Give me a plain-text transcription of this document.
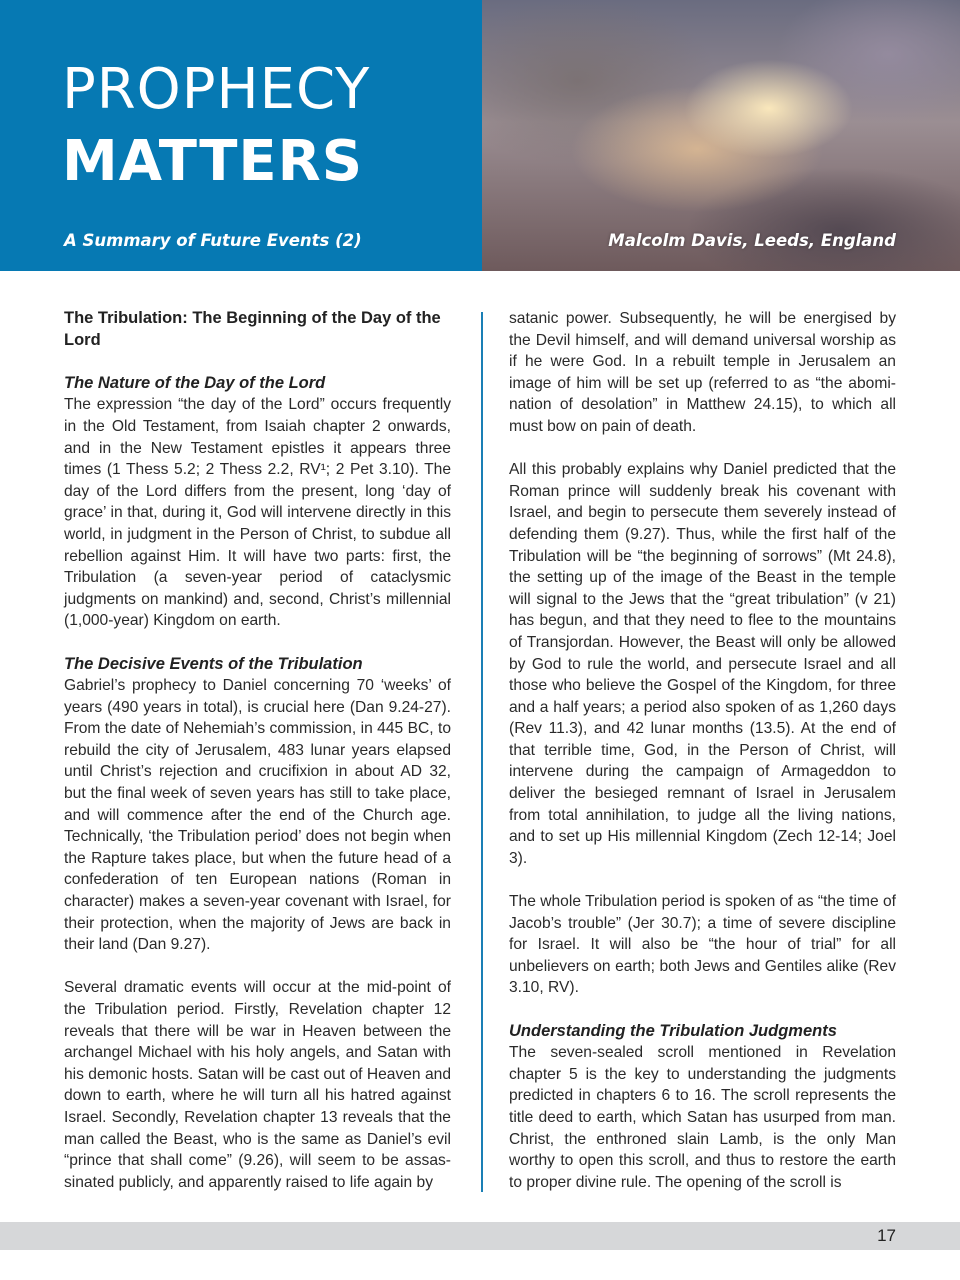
PROPHECY
MATTERS
A Summary of Future Events (2)	Malcolm Davis, Leeds, England
The Tribulation: The Beginning of the Day of the Lord
The Nature of the Day of the Lord

The expression “the day of the Lord” occurs frequently in the Old Testament, from Isaiah chapter 2 onwards, and in the New Testament epistles it appears three times (1 Thess 5.2; 2 Thess 2.2, RV¹; 2 Pet 3.10). The day of the Lord differs from the present, long ‘day of grace’ in that, during it, God will intervene directly in this world, in judgment in the Person of Christ, to subdue all rebellion against Him. It will have two parts: first, the Tribulation (a seven-year period of cataclysmic judgments on mankind) and, second, Christ’s millennial (1,000-year) Kingdom on earth.

The Decisive Events of the Tribulation

Gabriel’s prophecy to Daniel concerning 70 ‘weeks’ of years (490 years in total), is crucial here (Dan 9.24-27). From the date of Nehemiah’s commission, in 445 BC, to rebuild the city of Jerusalem, 483 lunar years elapsed until Christ’s rejection and crucifixion in about AD 32, but the final week of seven years has still to take place, and will commence after the end of the Church age. Technically, ‘the Tribulation period’ does not begin when the Rapture takes place, but when the future head of a confederation of ten European nations (Roman in character) makes a seven-year covenant with Israel, for their protection, when the majority of Jews are back in their land (Dan 9.27).

Several dramatic events will occur at the mid-point of the Tribulation period. Firstly, Revelation chapter 12 reveals that there will be war in Heaven between the archangel Michael with his holy angels, and Satan with his demonic hosts. Satan will be cast out of Heaven and down to earth, where he will turn all his hatred against Israel. Secondly, Revelation chapter 13 reveals that the man called the Beast, who is the same as Daniel’s evil “prince that shall come” (9.26), will seem to be assassinated publicly, and apparently raised to life again by

satanic power. Subsequently, he will be energised by the Devil himself, and will demand universal worship as if he were God. In a rebuilt temple in Jerusalem an image of him will be set up (referred to as “the abomination of desolation” in Matthew 24.15), to which all must bow on pain of death.

All this probably explains why Daniel predicted that the Roman prince will suddenly break his covenant with Israel, and begin to persecute them severely instead of defending them (9.27). Thus, while the first half of the Tribulation will be “the beginning of sorrows” (Mt 24.8), the setting up of the image of the Beast in the temple will signal to the Jews that the “great tribulation” (v 21) has begun, and that they need to flee to the mountains of Transjordan. However, the Beast will only be allowed by God to rule the world, and persecute Israel and all those who believe the Gospel of the Kingdom, for three and a half years; a period also spoken of as 1,260 days (Rev 11.3), and 42 lunar months (13.5). At the end of that terrible time, God, in the Person of Christ, will intervene during the campaign of Armageddon to deliver the besieged remnant of Israel in Jerusalem from total annihilation, to judge all the living nations, and to set up His millennial Kingdom (Zech 12-14; Joel 3).

The whole Tribulation period is spoken of as “the time of Jacob’s trouble” (Jer 30.7); a time of severe discipline for Israel. It will also be “the hour of trial” for all unbelievers on earth; both Jews and Gentiles alike (Rev 3.10, RV).

Understanding the Tribulation Judgments

The seven-sealed scroll mentioned in Revelation chapter 5 is the key to understanding the judgments predicted in chapters 6 to 16. The scroll represents the title deed to earth, which Satan has usurped from man. Christ, the enthroned slain Lamb, is the only Man worthy to open this scroll, and thus to restore the earth to proper divine rule. The opening of the scroll is

17
